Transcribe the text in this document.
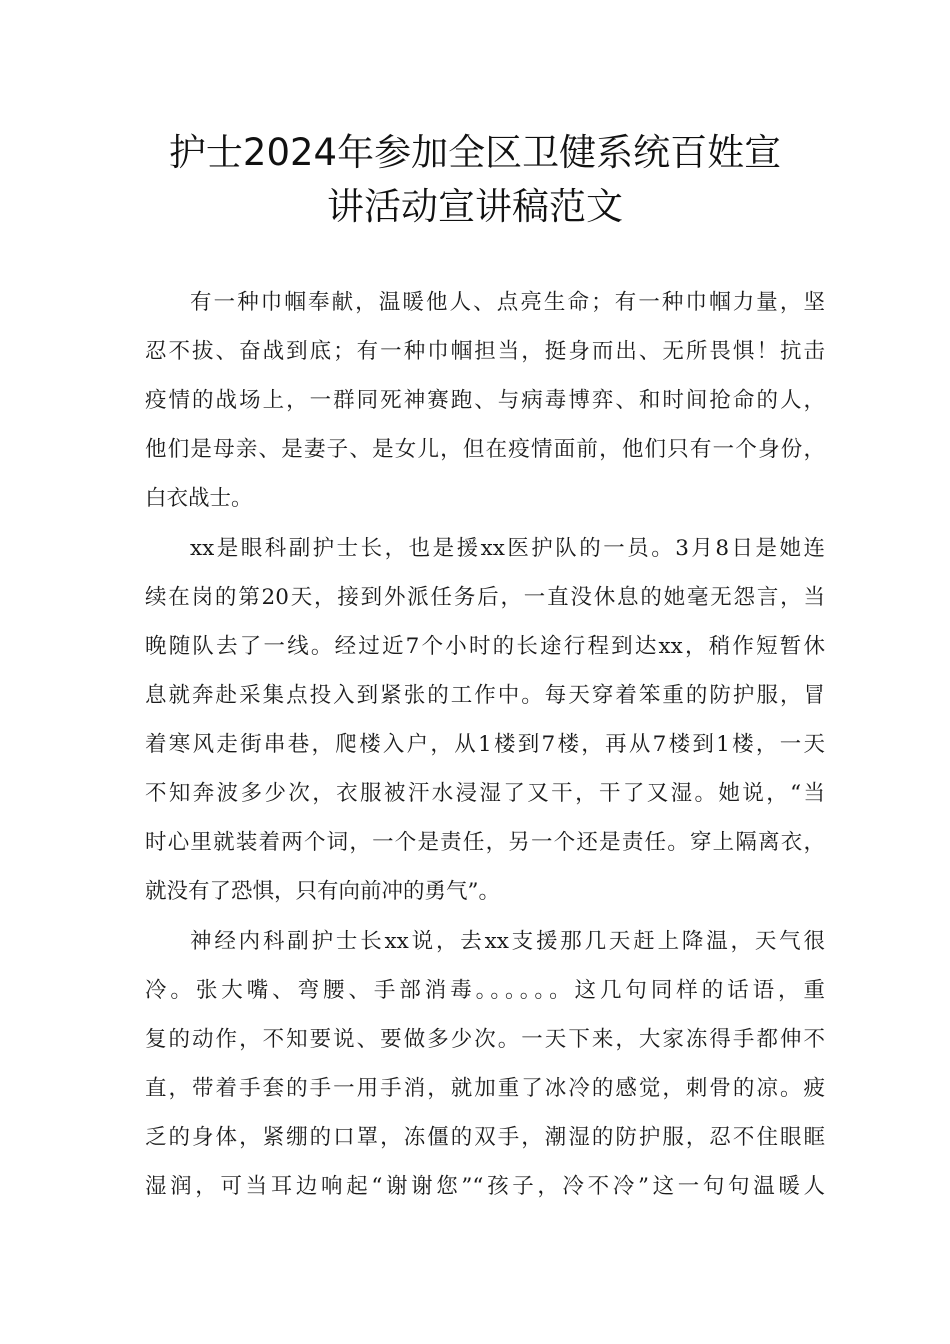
护士2024年参加全区卫健系统百姓宣
讲活动宣讲稿范文
有一种巾帼奉献，温暖他人、点亮生命；有一种巾帼力量，坚
忍不拔、奋战到底；有一种巾帼担当，挺身而出、无所畏惧！抗击
疫情的战场上，一群同死神赛跑、与病毒博弈、和时间抢命的人，
他们是母亲、是妻子、是女儿，但在疫情面前，他们只有一个身份，
白衣战士。
xx是眼科副护士长，也是援xx医护队的一员。3月8日是她连
续在岗的第20天，接到外派任务后，一直没休息的她毫无怨言，当
晚随队去了一线。经过近7个小时的长途行程到达xx，稍作短暂休
息就奔赴采集点投入到紧张的工作中。每天穿着笨重的防护服，冒
着寒风走街串巷，爬楼入户，从1楼到7楼，再从7楼到1楼，一天
不知奔波多少次，衣服被汗水浸湿了又干，干了又湿。她说，“当
时心里就装着两个词，一个是责任，另一个还是责任。穿上隔离衣，
就没有了恐惧，只有向前冲的勇气”。
神经内科副护士长xx说，去xx支援那几天赶上降温，天气很
冷。张大嘴、弯腰、手部消毒。。。。。。这几句同样的话语，重
复的动作，不知要说、要做多少次。一天下来，大家冻得手都伸不
直，带着手套的手一用手消，就加重了冰冷的感觉，刺骨的凉。疲
乏的身体，紧绷的口罩，冻僵的双手，潮湿的防护服，忍不住眼眶
湿润，可当耳边响起“谢谢您”“孩子，冷不冷”这一句句温暖人
